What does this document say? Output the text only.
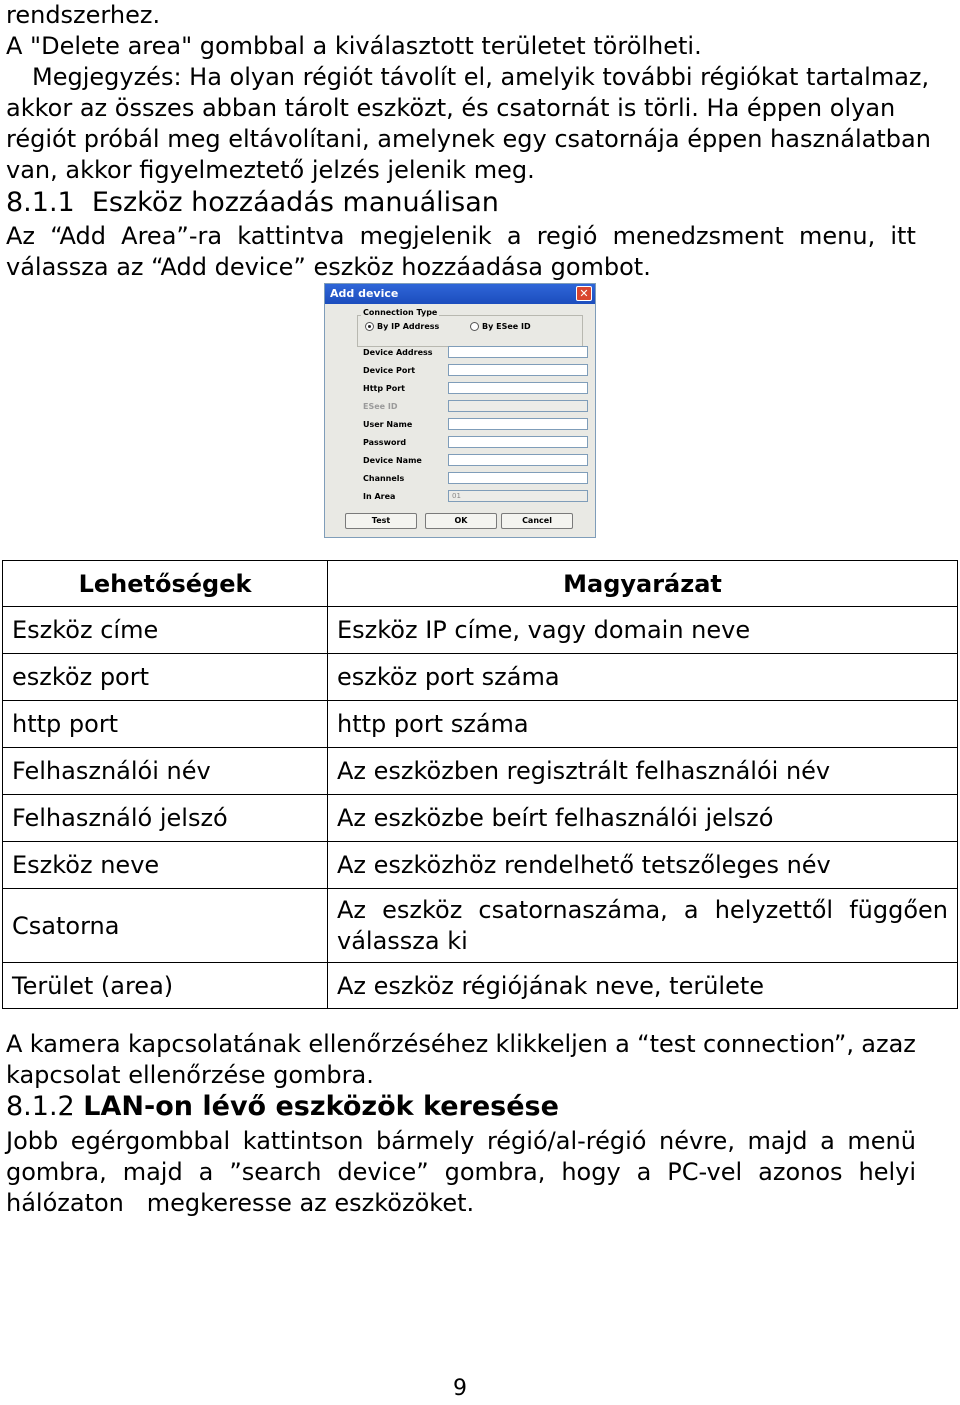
rendszerhez.
A "Delete area" gombbal a kiválasztott területet törölheti.
Megjegyzés: Ha olyan régiót távolít el, amelyik további régiókat tartalmaz,
akkor az összes abban tárolt eszközt, és csatornát is törli. Ha éppen olyan
régiót próbál meg eltávolítani, amelynek egy csatornája éppen használatban
van, akkor figyelmeztető jelzés jelenik meg.
8.1.1  Eszköz hozzáadás manuálisan
Az “Add Area”-ra kattintva megjelenik a regió menedzsment menu, itt
válassza az “Add device” eszköz hozzáadása gombot.
Add device	✕
Connection Type
By IP Address	By ESee ID
Device Address
Device Port
Http Port
ESee ID
User Name
Password
Device Name
Channels
In Area	01
Test	OK	Cancel
Lehetőségek	Magyarázat
Eszköz címe	Eszköz IP címe, vagy domain neve
eszköz port	eszköz port száma
http port	http port száma
Felhasználói név	Az eszközben regisztrált felhasználói név
Felhasználó jelszó	Az eszközbe beírt felhasználói jelszó
Eszköz neve	Az eszközhöz rendelhető tetszőleges név
Csatorna	Az eszköz csatornaszáma, a helyzettől függően válassza ki
Terület (area)	Az eszköz régiójának neve, területe
A kamera kapcsolatának ellenőrzéséhez klikkeljen a “test connection”, azaz
kapcsolat ellenőrzése gombra.
8.1.2 LAN-on lévő eszközök keresése
Jobb egérgombbal kattintson bármely régió/al-régió névre, majd a menü
gombra, majd a ”search device” gombra, hogy a PC-vel azonos helyi
hálózaton   megkeresse az eszközöket.
9
